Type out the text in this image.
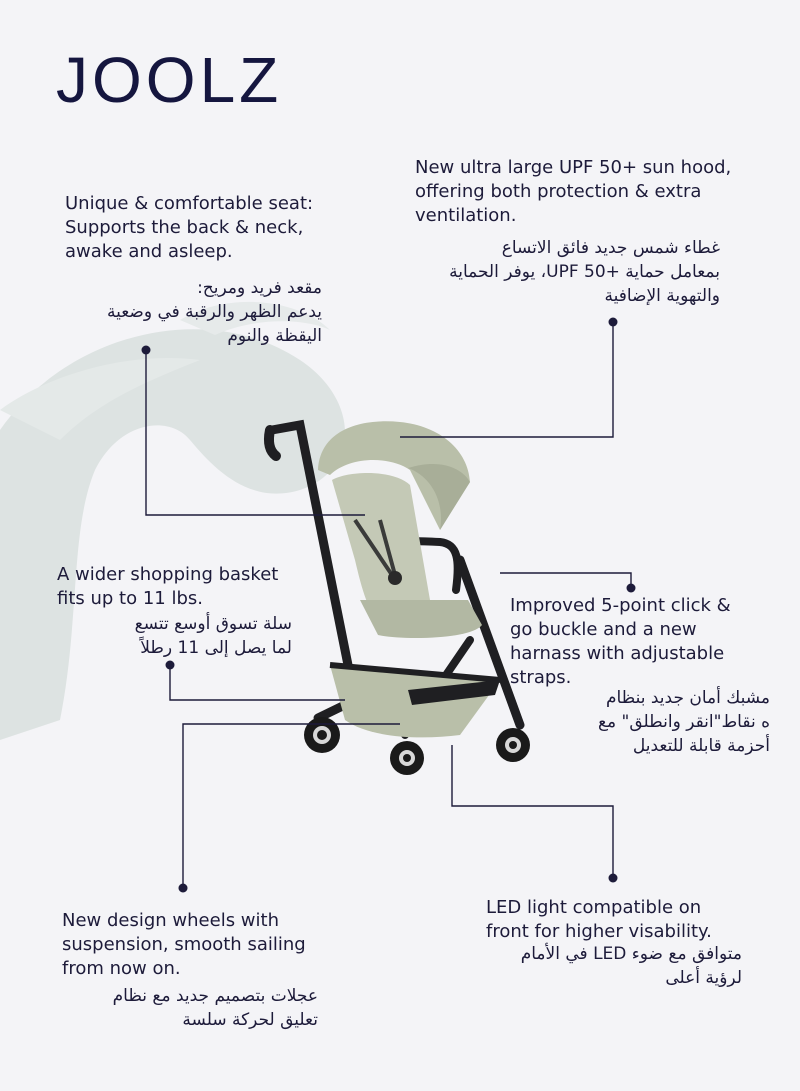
JOOLZ
New ultra large UPF 50+ sun hood,
offering both protection & extra
ventilation.
غطاء شمس جديد فائق الاتساع
بمعامل حماية +UPF 50، يوفر الحماية
والتهوية الإضافية
Unique & comfortable seat:
Supports the back & neck,
awake and asleep.
مقعد فريد ومريح:
يدعم الظهر والرقبة في وضعية
اليقظة والنوم
A wider shopping basket
fits up to 11 lbs.
سلة تسوق أوسع تتسع
لما يصل إلى 11 رطلاً
Improved 5-point click &
go buckle and a new
harnass with adjustable
straps.
مشبك أمان جديد بنظام
ه نقاط"انقر وانطلق" مع
أحزمة قابلة للتعديل
New design wheels with
suspension, smooth sailing
from now on.
عجلات بتصميم جديد مع نظام
تعليق لحركة سلسة
LED light compatible on
front for higher visability.
متوافق مع ضوء LED في الأمام
لرؤية أعلى
